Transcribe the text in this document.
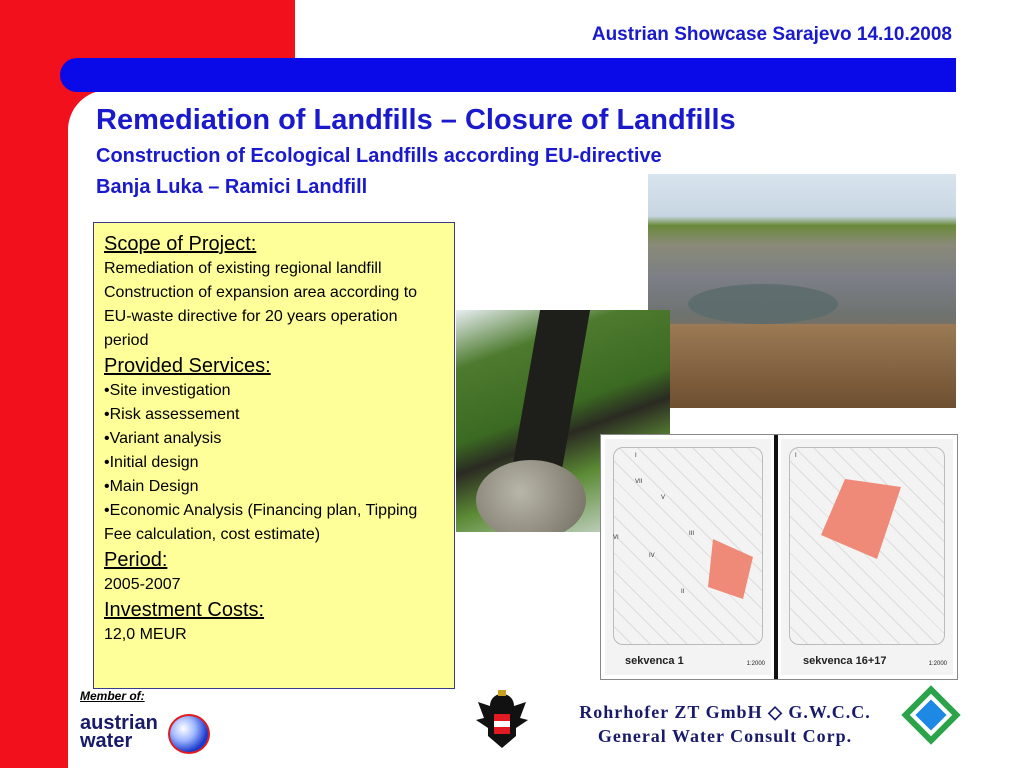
Austrian Showcase Sarajevo 14.10.2008
Remediation of Landfills – Closure of Landfills
Construction of Ecological Landfills according EU-directive
Banja Luka – Ramici Landfill
I
VII
V
VI
IV
III
II
sekvenca 1	1:2000
I
sekvenca 16+17	1:2000

Scope of Project:

Remediation of existing regional landfill

Construction of expansion area according to EU-waste directive for 20 years operation period

Provided Services:

•Site investigation

•Risk assessement

•Variant analysis

•Initial design

•Main Design

•Economic Analysis (Financing plan, Tipping Fee calculation, cost estimate)

Period:

2005-2007

Investment Costs:

12,0 MEUR

Member of:
austrian
water
Rohrhofer ZT GmbH ◇ G.W.C.C.
General Water Consult Corp.
